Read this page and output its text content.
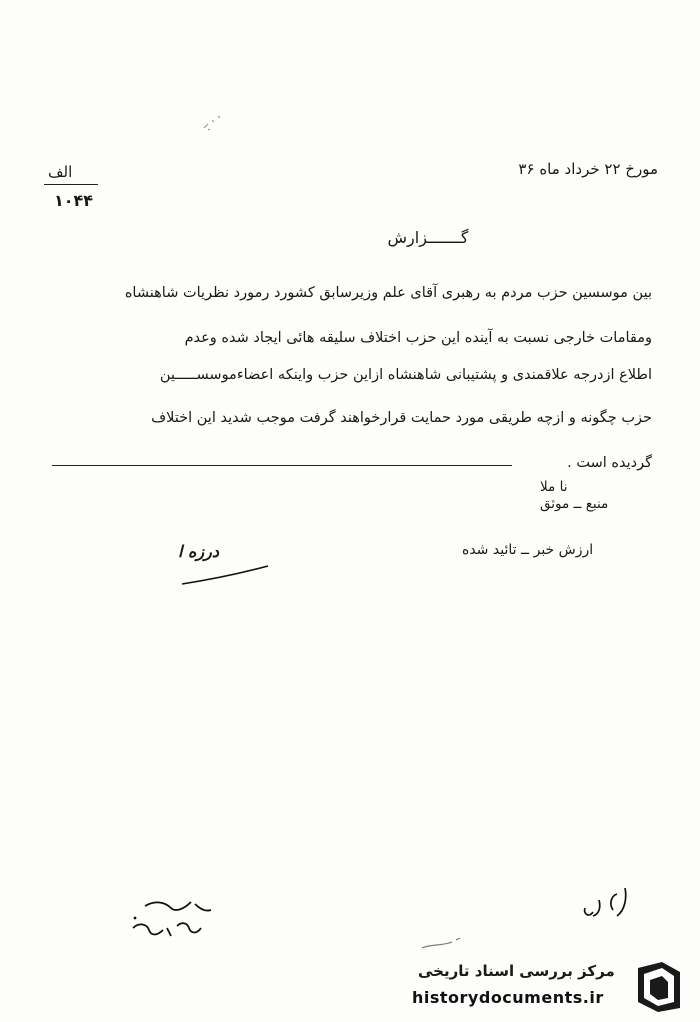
مورخ ۲۲ خرداد ماه ۳۶
الف
۱۰۴۴
گـــــــزارش
بین موسسین حزب مردم به رهبری آقای علم وزیرسابق کشورد رمورد نظریات شاهنشاه
ومقامات خارجی نسبت به آینده این حزب اختلاف سلیقه هائی ایجاد شده وعدم
اطلاع ازدرجه علاقمندی و پشتیبانی شاهنشاه ازاین حزب واینکه اعضاءموسســـــین
حزب چگونه و ازچه طریقی مورد حمایت قرارخواهند گرفت موجب شدید این اختلاف
گردیده است .
نا ملا
منبع ــ موثق
ارزش خبر ــ تائید شده
درزه ا
مرکز بررسی اسناد تاریخی
historydocuments.ir
